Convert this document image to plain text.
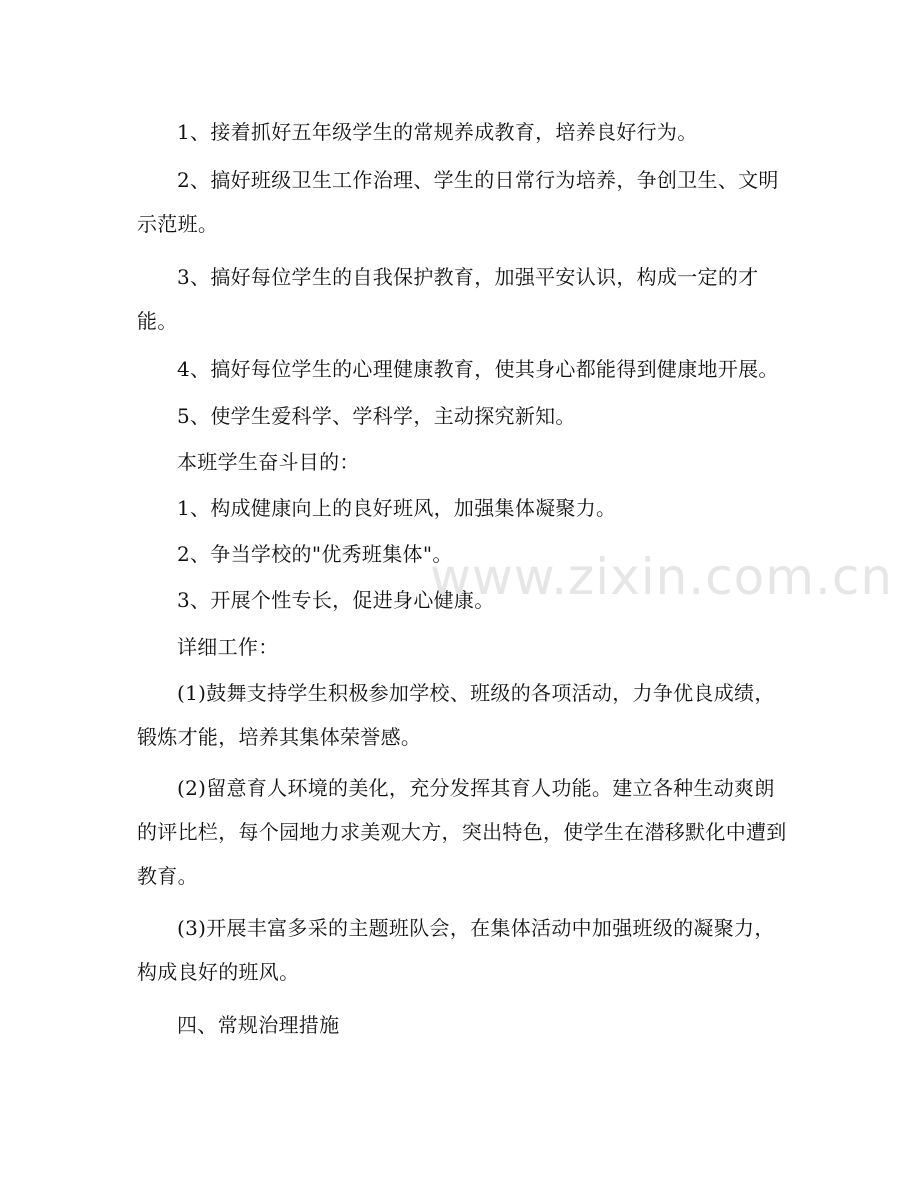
1、接着抓好五年级学生的常规养成教育，培养良好行为。

2、搞好班级卫生工作治理、学生的日常行为培养，争创卫生、文明示范班。

3、搞好每位学生的自我保护教育，加强平安认识，构成一定的才能。

4、搞好每位学生的心理健康教育，使其身心都能得到健康地开展。

5、使学生爱科学、学科学，主动探究新知。

本班学生奋斗目的：

1、构成健康向上的良好班风，加强集体凝聚力。

2、争当学校的"优秀班集体"。

3、开展个性专长，促进身心健康。

详细工作：

(1)鼓舞支持学生积极参加学校、班级的各项活动，力争优良成绩，锻炼才能，培养其集体荣誉感。

(2)留意育人环境的美化，充分发挥其育人功能。建立各种生动爽朗的评比栏，每个园地力求美观大方，突出特色，使学生在潜移默化中遭到教育。

(3)开展丰富多采的主题班队会，在集体活动中加强班级的凝聚力，构成良好的班风。

四、常规治理措施

www.zixin.com.cn
